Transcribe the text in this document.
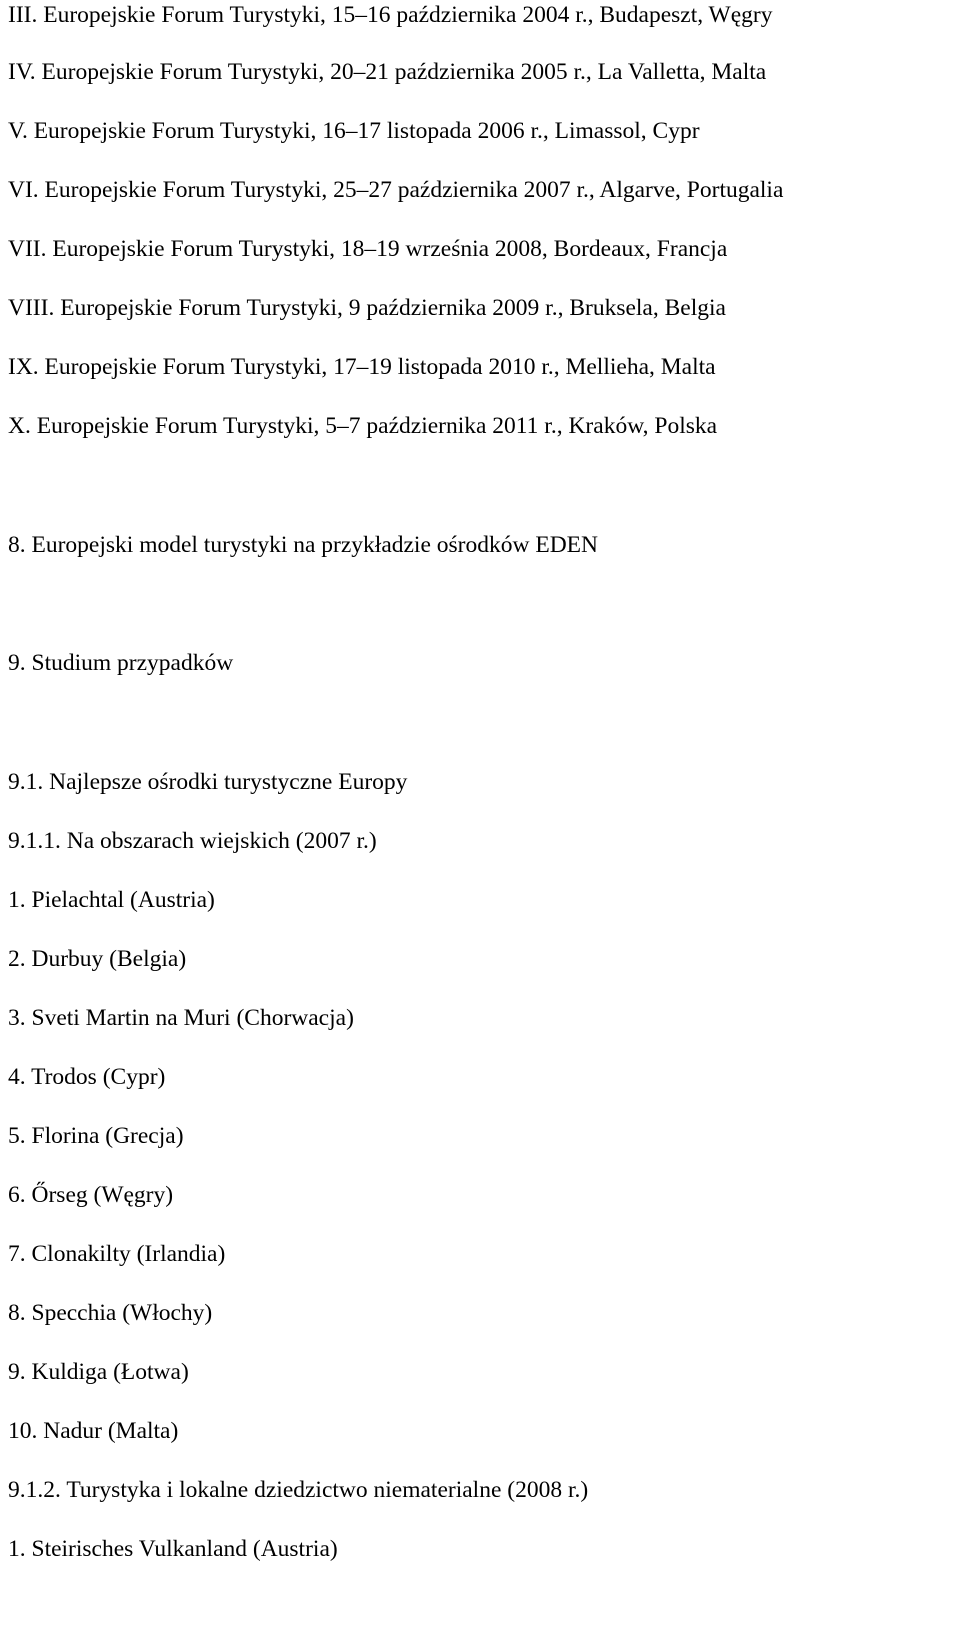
III. Europejskie Forum Turystyki, 15–16 października 2004 r., Budapeszt, Węgry
IV. Europejskie Forum Turystyki, 20–21 października 2005 r., La Valletta, Malta
V. Europejskie Forum Turystyki, 16–17 listopada 2006 r., Limassol, Cypr
VI. Europejskie Forum Turystyki, 25–27 października 2007 r., Algarve, Portugalia
VII. Europejskie Forum Turystyki, 18–19 września 2008, Bordeaux, Francja
VIII. Europejskie Forum Turystyki, 9 października 2009 r., Bruksela, Belgia
IX. Europejskie Forum Turystyki, 17–19 listopada 2010 r., Mellieha, Malta
X. Europejskie Forum Turystyki, 5–7 października 2011 r., Kraków, Polska
8. Europejski model turystyki na przykładzie ośrodków EDEN
9. Studium przypadków
9.1. Najlepsze ośrodki turystyczne Europy
9.1.1. Na obszarach wiejskich (2007 r.)
1. Pielachtal (Austria)
2. Durbuy (Belgia)
3. Sveti Martin na Muri (Chorwacja)
4. Trodos (Cypr)
5. Florina (Grecja)
6. Őrseg (Węgry)
7. Clonakilty (Irlandia)
8. Specchia (Włochy)
9. Kuldiga (Łotwa)
10. Nadur (Malta)
9.1.2. Turystyka i lokalne dziedzictwo niematerialne (2008 r.)
1. Steirisches Vulkanland (Austria)
